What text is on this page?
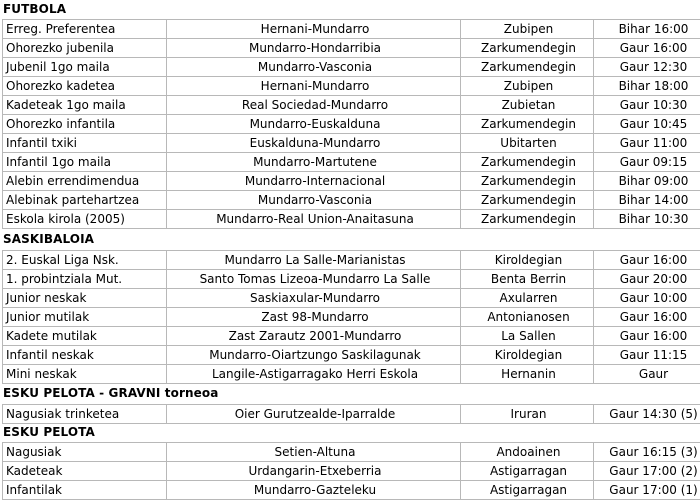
FUTBOLA
Erreg. Preferentea	Hernani-Mundarro	Zubipen	Bihar 16:00
Ohorezko jubenila	Mundarro-Hondarribia	Zarkumendegin	Gaur 16:00
Jubenil 1go maila	Mundarro-Vasconia	Zarkumendegin	Gaur 12:30
Ohorezko kadetea	Hernani-Mundarro	Zubipen	Bihar 18:00
Kadeteak 1go maila	Real Sociedad-Mundarro	Zubietan	Gaur 10:30
Ohorezko infantila	Mundarro-Euskalduna	Zarkumendegin	Gaur 10:45
Infantil txiki	Euskalduna-Mundarro	Ubitarten	Gaur 11:00
Infantil 1go maila	Mundarro-Martutene	Zarkumendegin	Gaur 09:15
Alebin errendimendua	Mundarro-Internacional	Zarkumendegin	Bihar 09:00
Alebinak partehartzea	Mundarro-Vasconia	Zarkumendegin	Bihar 14:00
Eskola kirola (2005)	Mundarro-Real Union-Anaitasuna	Zarkumendegin	Bihar 10:30
SASKIBALOIA
2. Euskal Liga Nsk.	Mundarro La Salle-Marianistas	Kiroldegian	Gaur 16:00
1. probintziala Mut.	Santo Tomas Lizeoa-Mundarro La Salle	Benta Berrin	Gaur 20:00
Junior neskak	Saskiaxular-Mundarro	Axularren	Gaur 10:00
Junior mutilak	Zast 98-Mundarro	Antonianosen	Gaur 16:00
Kadete mutilak	Zast Zarautz 2001-Mundarro	La Sallen	Gaur 16:00
Infantil neskak	Mundarro-Oiartzungo Saskilagunak	Kiroldegian	Gaur 11:15
Mini neskak	Langile-Astigarragako Herri Eskola	Hernanin	Gaur
ESKU PELOTA - GRAVNI torneoa
Nagusiak trinketea	Oier Gurutzealde-Iparralde	Iruran	Gaur 14:30 (5)
ESKU PELOTA
Nagusiak	Setien-Altuna	Andoainen	Gaur 16:15 (3)
Kadeteak	Urdangarin-Etxeberria	Astigarragan	Gaur 17:00 (2)
Infantilak	Mundarro-Gazteleku	Astigarragan	Gaur 17:00 (1)
